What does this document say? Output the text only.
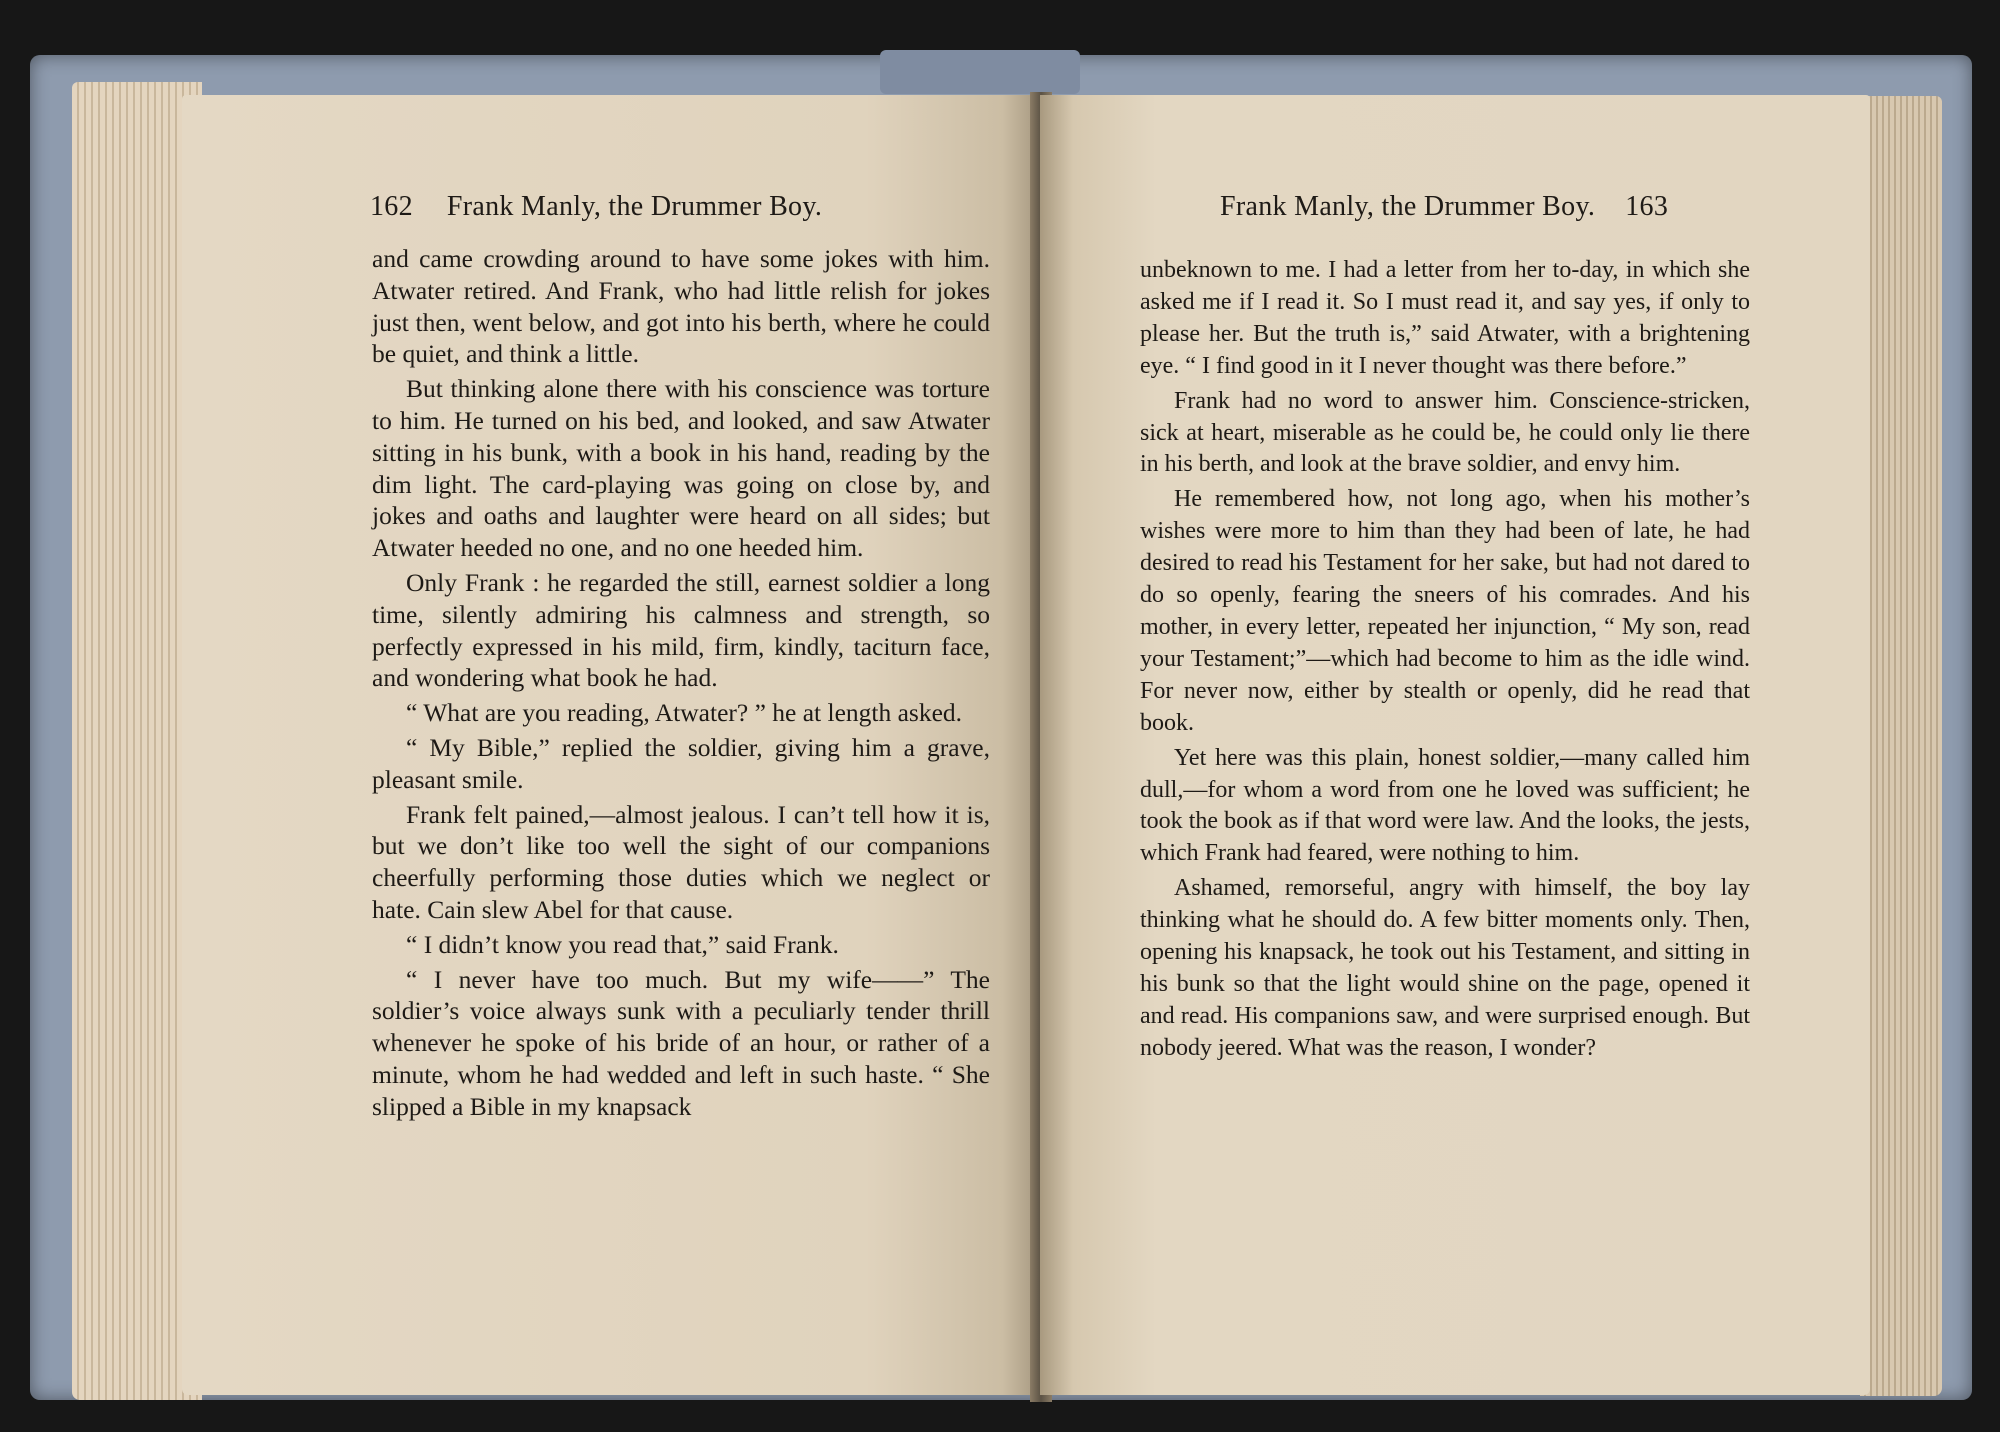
162 Frank Manly, the Drummer Boy.

and came crowding around to have some jokes with him. Atwater retired. And Frank, who had little relish for jokes just then, went below, and got into his berth, where he could be quiet, and think a little.

But thinking alone there with his conscience was torture to him. He turned on his bed, and looked, and saw Atwater sitting in his bunk, with a book in his hand, reading by the dim light. The card-playing was going on close by, and jokes and oaths and laughter were heard on all sides; but Atwater heeded no one, and no one heeded him.

Only Frank : he regarded the still, earnest soldier a long time, silently admiring his calmness and strength, so perfectly expressed in his mild, firm, kindly, taciturn face, and wondering what book he had.

“ What are you reading, Atwater? ” he at length asked.

“ My Bible,” replied the soldier, giving him a grave, pleasant smile.

Frank felt pained,—almost jealous. I can’t tell how it is, but we don’t like too well the sight of our companions cheerfully performing those duties which we neglect or hate. Cain slew Abel for that cause.

“ I didn’t know you read that,” said Frank.

“ I never have too much. But my wife——” The soldier’s voice always sunk with a peculiarly tender thrill whenever he spoke of his bride of an hour, or rather of a minute, whom he had wedded and left in such haste. “ She slipped a Bible in my knapsack

Frank Manly, the Drummer Boy. 163

unbeknown to me. I had a letter from her to-day, in which she asked me if I read it. So I must read it, and say yes, if only to please her. But the truth is,” said Atwater, with a brightening eye. “ I find good in it I never thought was there before.”

Frank had no word to answer him. Conscience-stricken, sick at heart, miserable as he could be, he could only lie there in his berth, and look at the brave soldier, and envy him.

He remembered how, not long ago, when his mother’s wishes were more to him than they had been of late, he had desired to read his Testament for her sake, but had not dared to do so openly, fearing the sneers of his comrades. And his mother, in every letter, repeated her injunction, “ My son, read your Testament;”—which had become to him as the idle wind. For never now, either by stealth or openly, did he read that book.

Yet here was this plain, honest soldier,—many called him dull,—for whom a word from one he loved was sufficient; he took the book as if that word were law. And the looks, the jests, which Frank had feared, were nothing to him.

Ashamed, remorseful, angry with himself, the boy lay thinking what he should do. A few bitter moments only. Then, opening his knapsack, he took out his Testament, and sitting in his bunk so that the light would shine on the page, opened it and read. His companions saw, and were surprised enough. But nobody jeered. What was the reason, I wonder?
